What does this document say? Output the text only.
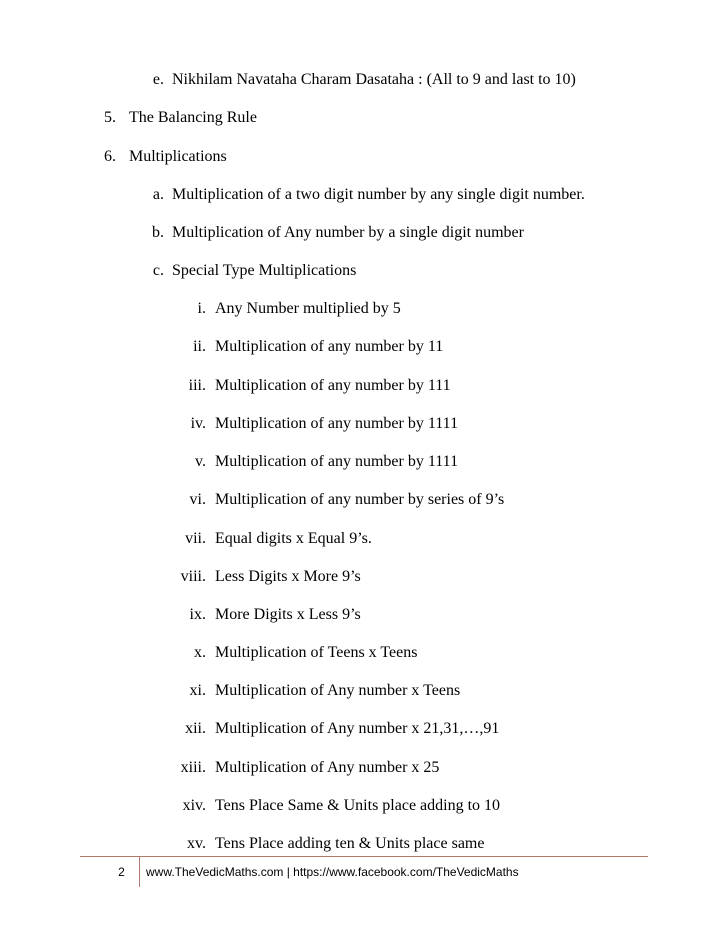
e. Nikhilam Navataha Charam Dasataha : (All to 9 and last to 10)
5. The Balancing Rule
6. Multiplications
a. Multiplication of a two digit number by any single digit number.
b. Multiplication of Any number by a single digit number
c. Special Type Multiplications
i. Any Number multiplied by 5
ii. Multiplication of any number by 11
iii. Multiplication of any number by 111
iv. Multiplication of any number by 1111
v. Multiplication of any number by 1111
vi. Multiplication of any number by series of 9’s
vii. Equal digits x Equal 9’s.
viii. Less Digits x More 9’s
ix. More Digits x Less 9’s
x. Multiplication of Teens x Teens
xi. Multiplication of Any number x Teens
xii. Multiplication of Any number x 21,31,…,91
xiii. Multiplication of Any number x 25
xiv. Tens Place Same & Units place adding to 10
xv. Tens Place adding ten & Units place same
2	www.TheVedicMaths.com | https://www.facebook.com/TheVedicMaths
